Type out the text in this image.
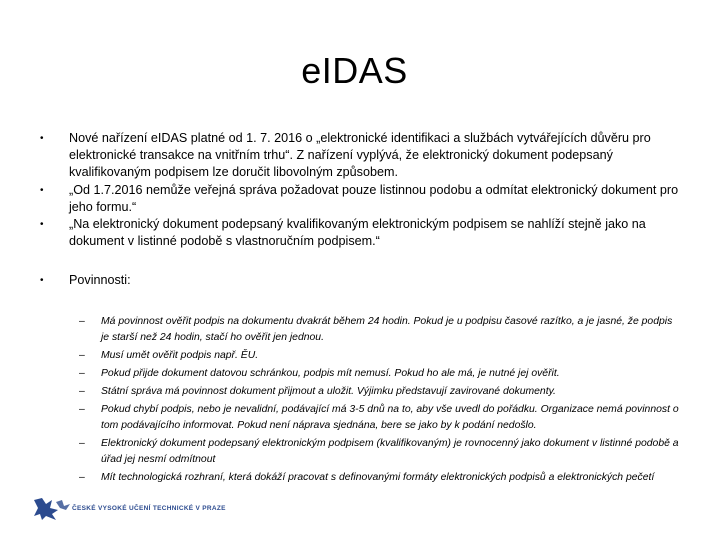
eIDAS
• Nové nařízení eIDAS platné od 1. 7. 2016 o „elektronické identifikaci a službách vytvářejících důvěru pro elektronické transakce na vnitřním trhu“. Z nařízení vyplývá, že elektronický dokument podepsaný kvalifikovaným podpisem lze doručit libovolným způsobem.
• „Od 1.7.2016 nemůže veřejná správa požadovat pouze listinnou podobu a odmítat elektronický dokument pro jeho formu.“
• „Na elektronický dokument podepsaný kvalifikovaným elektronickým podpisem se nahlíží stejně jako na dokument v listinné podobě s vlastnoručním podpisem.“
• Povinnosti:
– Má povinnost ověřit podpis na dokumentu dvakrát během 24 hodin. Pokud je u podpisu časové razítko, a je jasné, že podpis je starší než 24 hodin, stačí ho ověřit jen jednou.
– Musí umět ověřit podpis např. ĚU.
– Pokud přijde dokument datovou schránkou, podpis mít nemusí. Pokud ho ale má, je nutné jej ověřit.
– Státní správa má povinnost dokument přijmout a uložit. Výjimku představují zavirované dokumenty.
– Pokud chybí podpis, nebo je nevalidní, podávající má 3-5 dnů na to, aby vše uvedl do pořádku. Organizace nemá povinnost o tom podávajícího informovat. Pokud není náprava sjednána, bere se jako by k podání nedošlo.
– Elektronický dokument podepsaný elektronickým podpisem (kvalifikovaným) je rovnocenný jako dokument v listinné podobě a úřad jej nesmí odmítnout
– Mít technologická rozhraní, která dokáží pracovat s definovanými formáty elektronických podpisů a elektronických pečetí
ČESKÉ VYSOKÉ UČENÍ TECHNICKÉ V PRAZE
